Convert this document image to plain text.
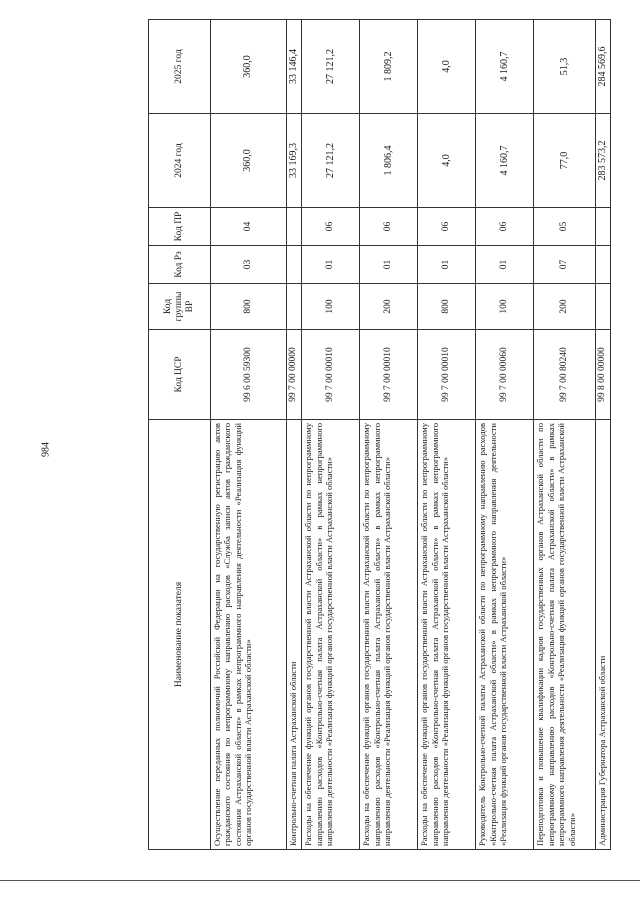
984
Наименование показателя	Код ЦСР	Код группы ВР	Код Рз	Код ПР	2024 год	2025 год
Осуществление переданных полномочий Российской Федерации на государственную регистрацию актов гражданского состояния по непрограммному направлению расходов «Служба записи актов гражданского состояния Астраханской области» в рамках непрограммного направления деятельности «Реализация функций органов государственной власти Астраханской области»	99 6 00 59300	800	03	04	360,0	360,0
Контрольно-счетная палата Астраханской области	99 7 00 00000				33 169,3	33 146,4
Расходы на обеспечение функций органов государственной власти Астраханской области по непрограммному направлению расходов «Контрольно-счетная палата Астраханской области» в рамках непрограммного направления деятельности «Реализация функций органов государственной власти Астраханской области»	99 7 00 00010	100	01	06	27 121,2	27 121,2
Расходы на обеспечение функций органов государственной власти Астраханской области по непрограммному направлению расходов «Контрольно-счетная палата Астраханской области» в рамках непрограммного направления деятельности «Реализация функций органов государственной власти Астраханской области»	99 7 00 00010	200	01	06	1 806,4	1 809,2
Расходы на обеспечение функций органов государственной власти Астраханской области по непрограммному направлению расходов «Контрольно-счетная палата Астраханской области» в рамках непрограммного направления деятельности «Реализация функций органов государственной власти Астраханской области»	99 7 00 00010	800	01	06	4,0	4,0
Руководитель Контрольно-счетной палаты Астраханской области по непрограммному направлению расходов «Контрольно-счетная палата Астраханской области» в рамках непрограммного направления деятельности «Реализация функций органов государственной власти Астраханской области»	99 7 00 00060	100	01	06	4 160,7	4 160,7
Переподготовка и повышение квалификации кадров государственных органов Астраханской области по непрограммному направлению расходов «Контрольно-счетная палата Астраханской области» в рамках непрограммного направления деятельности «Реализация функций органов государственной власти Астраханской области»	99 7 00 80240	200	07	05	77,0	51,3
Администрация Губернатора Астраханской области	99 8 00 00000				283 573,2	284 569,6
